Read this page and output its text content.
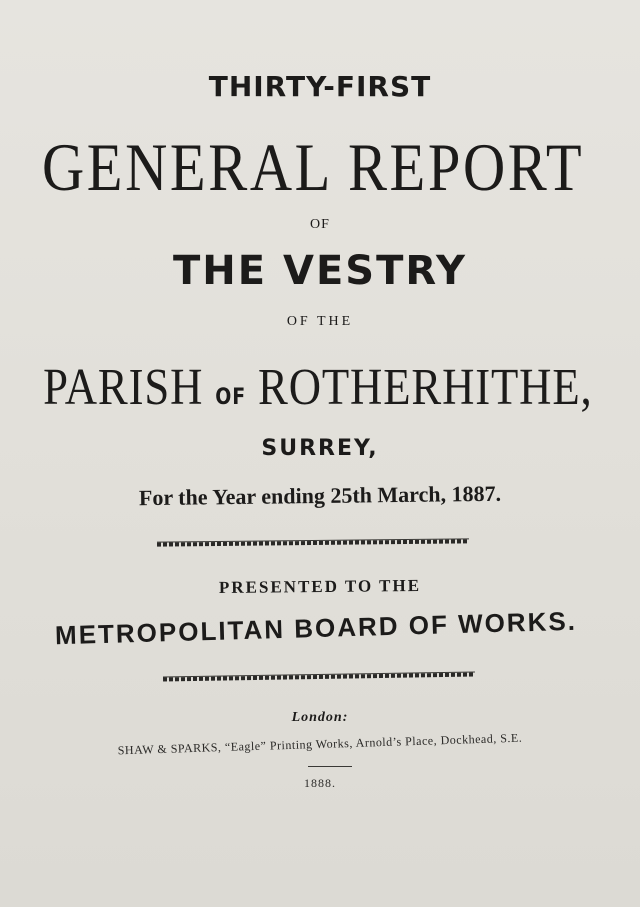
THIRTY-FIRST
GENERAL REPORT
OF
THE VESTRY
OF THE
PARISH OF ROTHERHITHE,
SURREY,
For the Year ending 25th March, 1887.
PRESENTED TO THE
METROPOLITAN BOARD OF WORKS.
London:
SHAW & SPARKS, “Eagle” Printing Works, Arnold’s Place, Dockhead, S.E.
1888.
